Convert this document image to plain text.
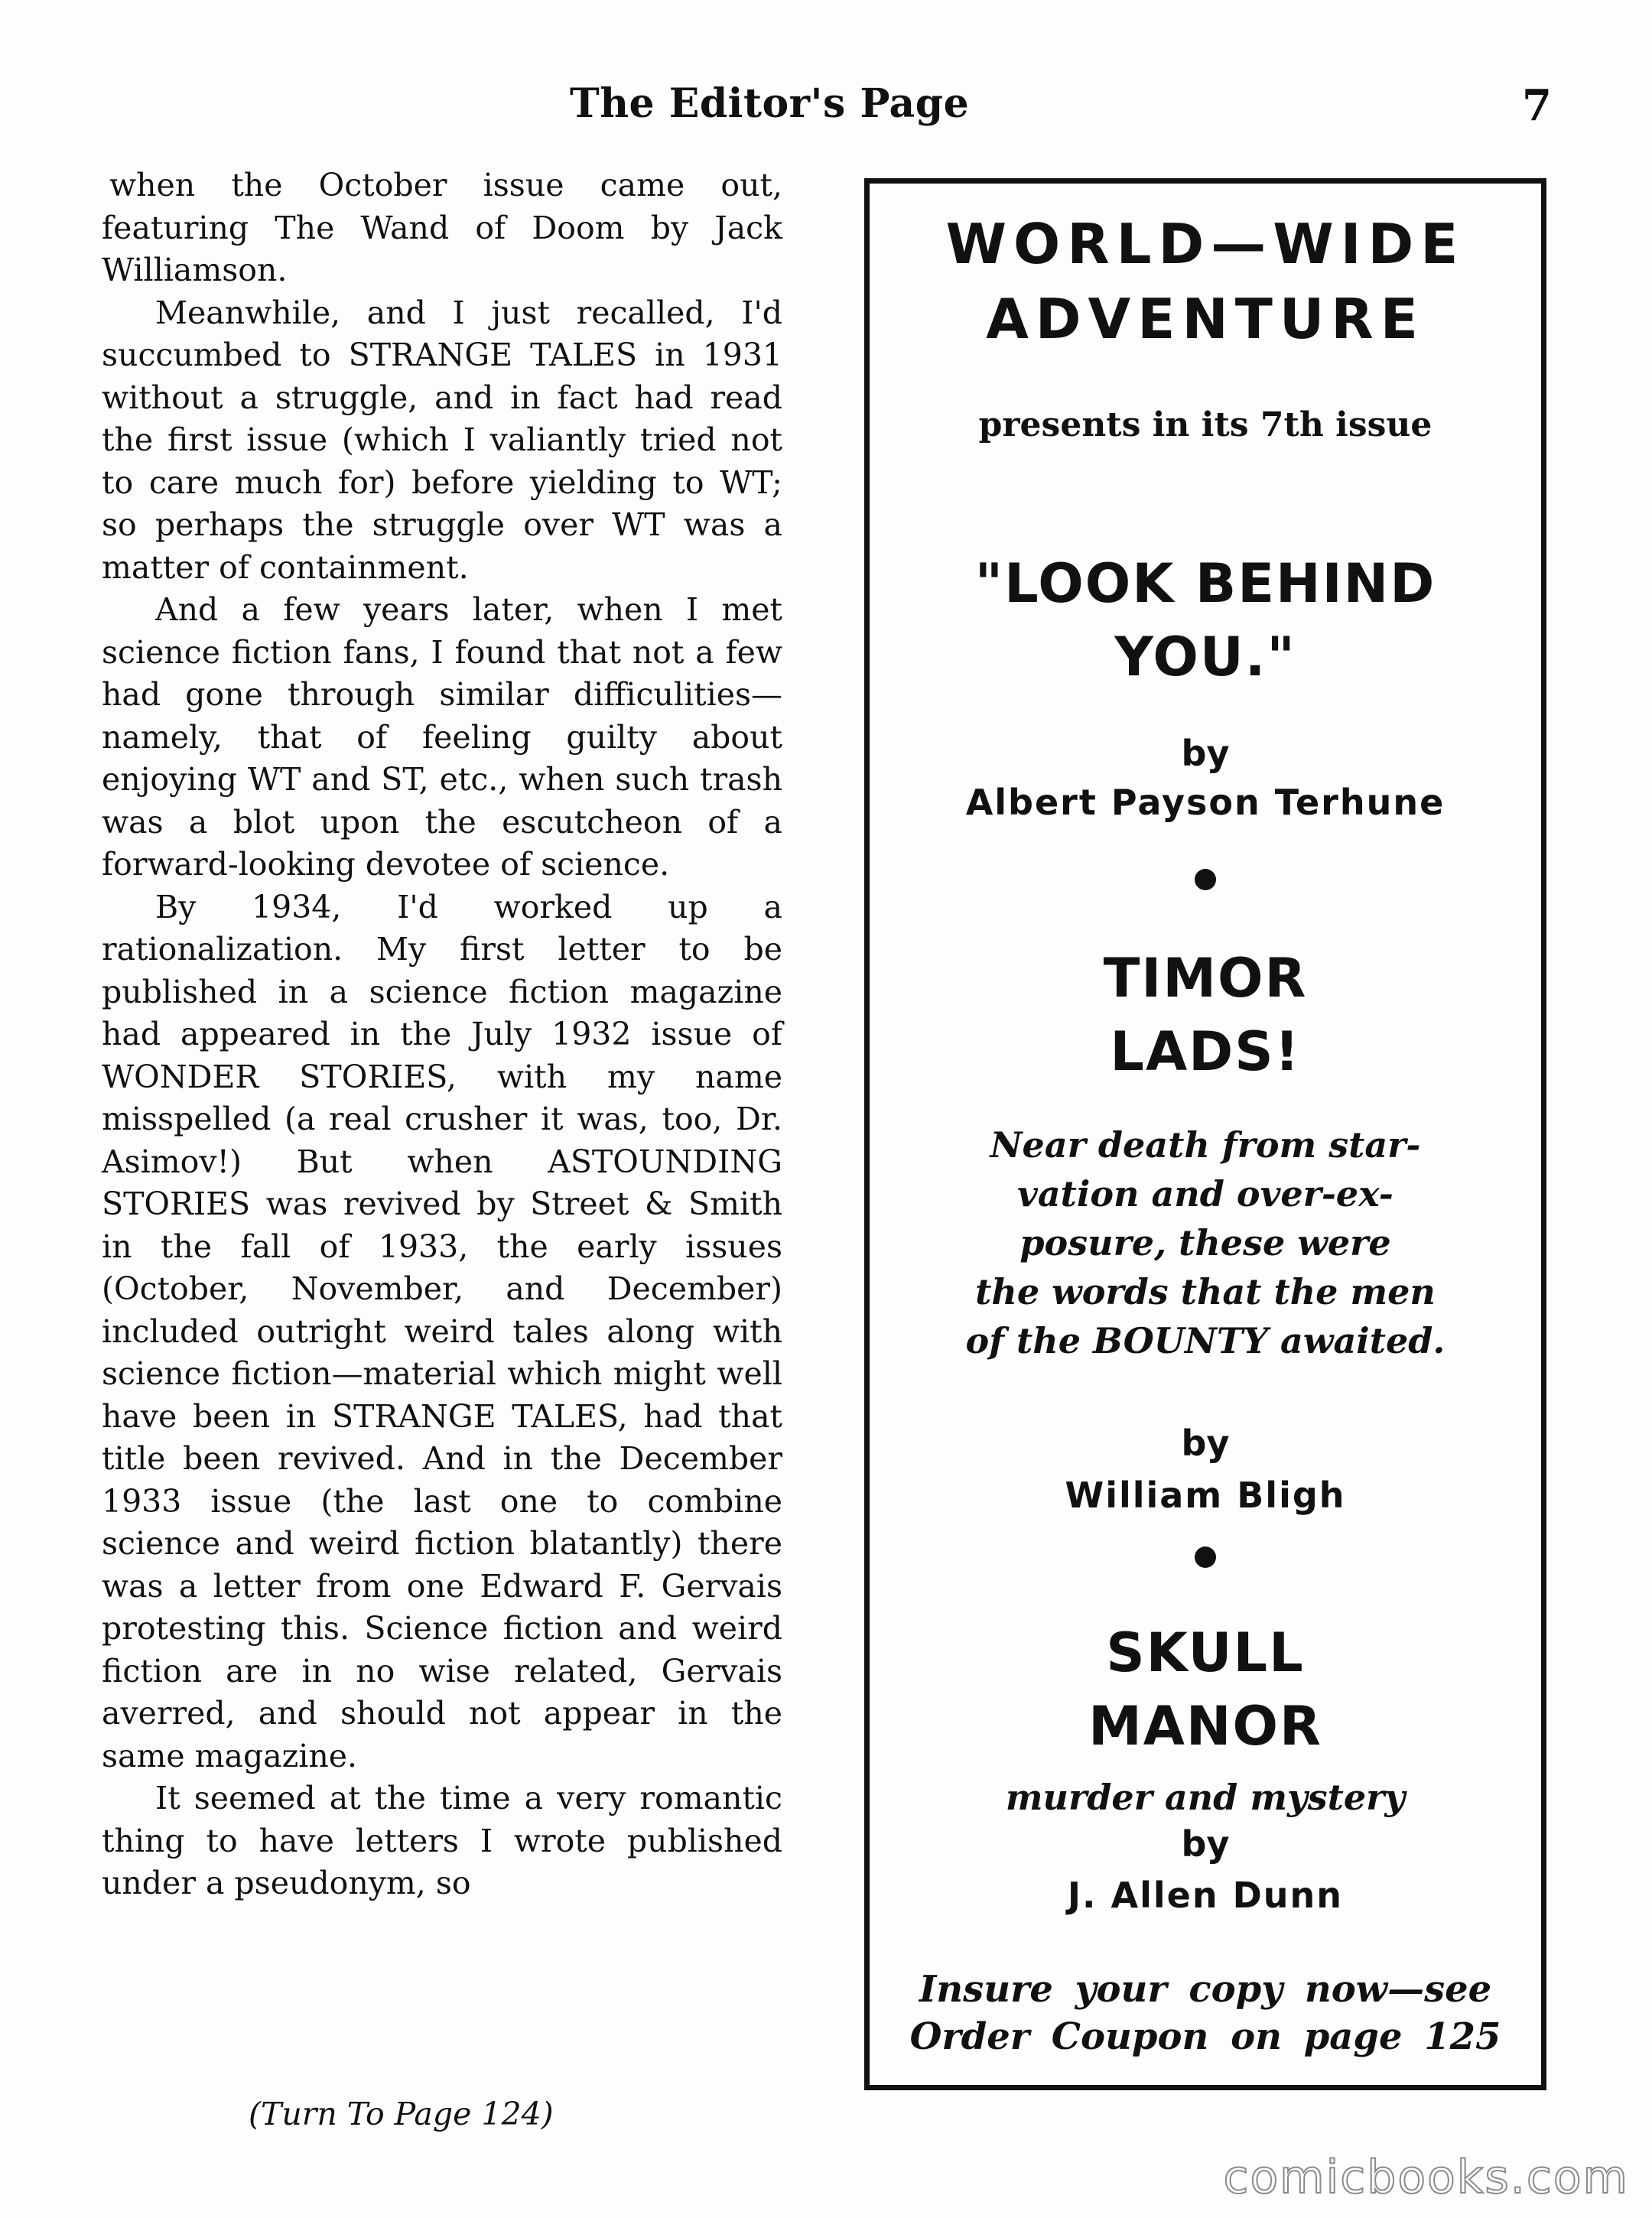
The Editor's Page	7

when the October issue came out, featuring The Wand of Doom by Jack Williamson.

Meanwhile, and I just recalled, I'd succumbed to STRANGE TALES in 1931 without a struggle, and in fact had read the first issue (which I valiantly tried not to care much for) before yielding to WT; so perhaps the struggle over WT was a matter of containment.

And a few years later, when I met science fiction fans, I found that not a few had gone through similar difficulities—namely, that of feeling guilty about enjoying WT and ST, etc., when such trash was a blot upon the escutcheon of a forward-looking devotee of science.

By 1934, I'd worked up a rationalization. My first letter to be published in a science fiction magazine had appeared in the July 1932 issue of WONDER STORIES, with my name misspelled (a real crusher it was, too, Dr. Asimov!) But when ASTOUNDING STORIES was revived by Street & Smith in the fall of 1933, the early issues (October, November, and December) included outright weird tales along with science fiction—material which might well have been in STRANGE TALES, had that title been revived. And in the December 1933 issue (the last one to combine science and weird fiction blatantly) there was a letter from one Edward F. Gervais protesting this. Science fiction and weird fiction are in no wise related, Gervais averred, and should not appear in the same magazine.

It seemed at the time a very romantic thing to have letters I wrote published under a pseudonym, so

(Turn To Page 124)
WORLD—WIDE
ADVENTURE
presents in its 7th issue
"LOOK BEHIND
YOU."
by
Albert Payson Terhune
TIMOR
LADS!
Near death from star-
vation and over-ex-
posure, these were
the words that the men
of the BOUNTY awaited.
by
William Bligh
SKULL
MANOR
murder and mystery
by
J. Allen Dunn
Insure your copy now—see
Order Coupon on page 125
comicbooks.com
